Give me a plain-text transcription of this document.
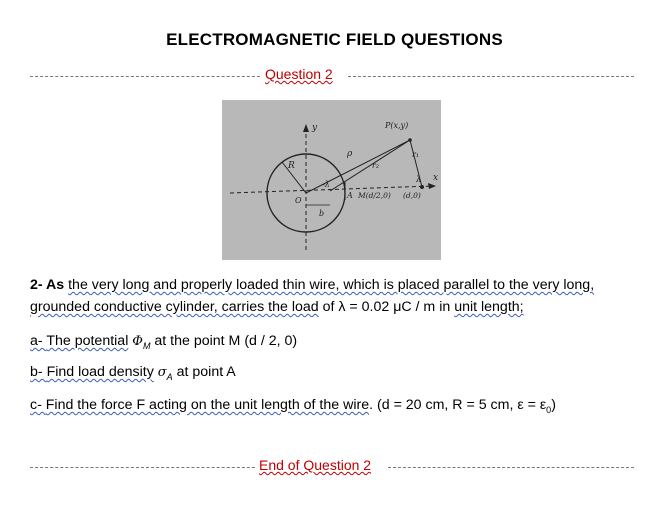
ELECTROMAGNETIC FIELD QUESTIONS
Question 2
y
x
P(x,y)
ρ
r₂
r₁
R
O
b
-λ
λ
A M(d/2,0) (d,0)
2- As the very long and properly loaded thin wire, which is placed parallel to the very long,
grounded conductive cylinder, carries the load of λ = 0.02 μC / m in unit length;
a- The potential $\Phi_M$ at the point M (d / 2, 0)
b- Find load density $\sigma_A$ at point A
c- Find the force F acting on the unit length of the wire. (d = 20 cm, R = 5 cm, $\varepsilon = \varepsilon_0$)
End of Question 2
